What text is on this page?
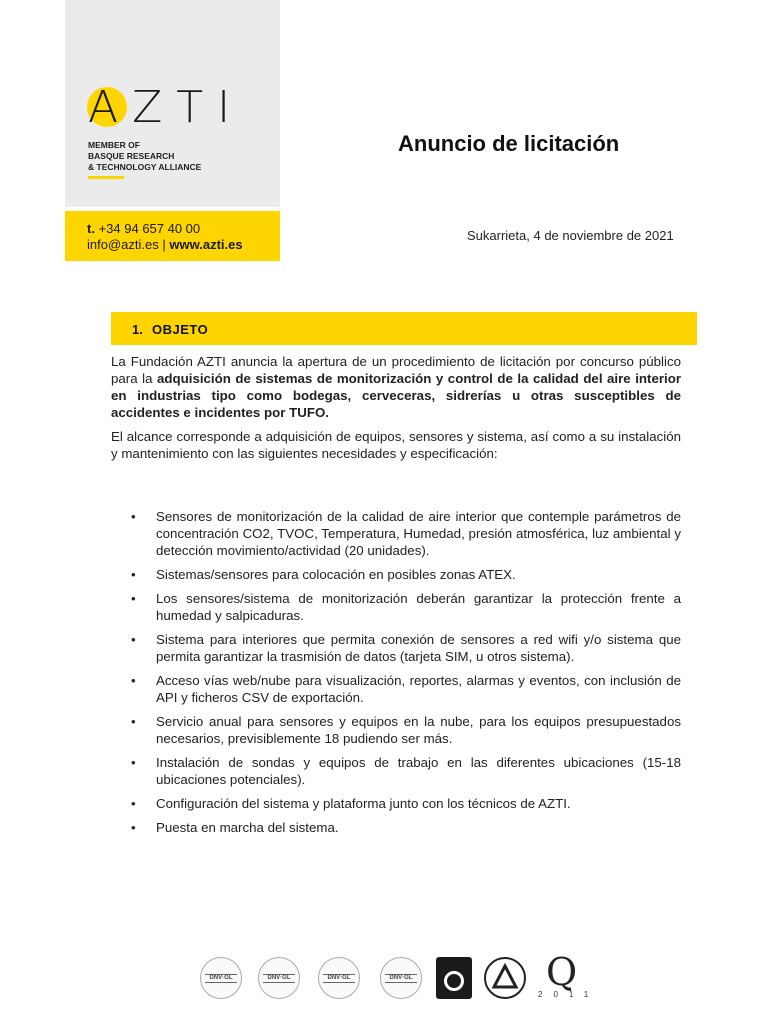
AZTI
MEMBER OF
BASQUE RESEARCH
& TECHNOLOGY ALLIANCE
t. +34 94 657 40 00
info@azti.es | www.azti.es
Anuncio de licitación
Sukarrieta, 4 de noviembre de 2021
1. OBJETO

La Fundación AZTI anuncia la apertura de un procedimiento de licitación por concurso público para la adquisición de sistemas de monitorización y control de la calidad del aire interior en industrias tipo como bodegas, cerveceras, sidrerías u otras susceptibles de accidentes e incidentes por TUFO.

El alcance corresponde a adquisición de equipos, sensores y sistema, así como a su instalación y mantenimiento con las siguientes necesidades y especificación:

• Sensores de monitorización de la calidad de aire interior que contemple parámetros de concentración CO2, TVOC, Temperatura, Humedad, presión atmosférica, luz ambiental y detección movimiento/actividad (20 unidades).
• Sistemas/sensores para colocación en posibles zonas ATEX.
• Los sensores/sistema de monitorización deberán garantizar la protección frente a humedad y salpicaduras.
• Sistema para interiores que permita conexión de sensores a red wifi y/o sistema que permita garantizar la trasmisión de datos (tarjeta SIM, u otros sistema).
• Acceso vías web/nube para visualización, reportes, alarmas y eventos, con inclusión de API y ficheros CSV de exportación.
• Servicio anual para sensores y equipos en la nube, para los equipos presupuestados necesarios, previsiblemente 18 pudiendo ser más.
• Instalación de sondas y equipos de trabajo en las diferentes ubicaciones (15-18 ubicaciones potenciales).
• Configuración del sistema y plataforma junto con los técnicos de AZTI.
• Puesta en marcha del sistema.
DNV·GL	DNV·GL	DNV·GL	DNV·GL	Q
2011
